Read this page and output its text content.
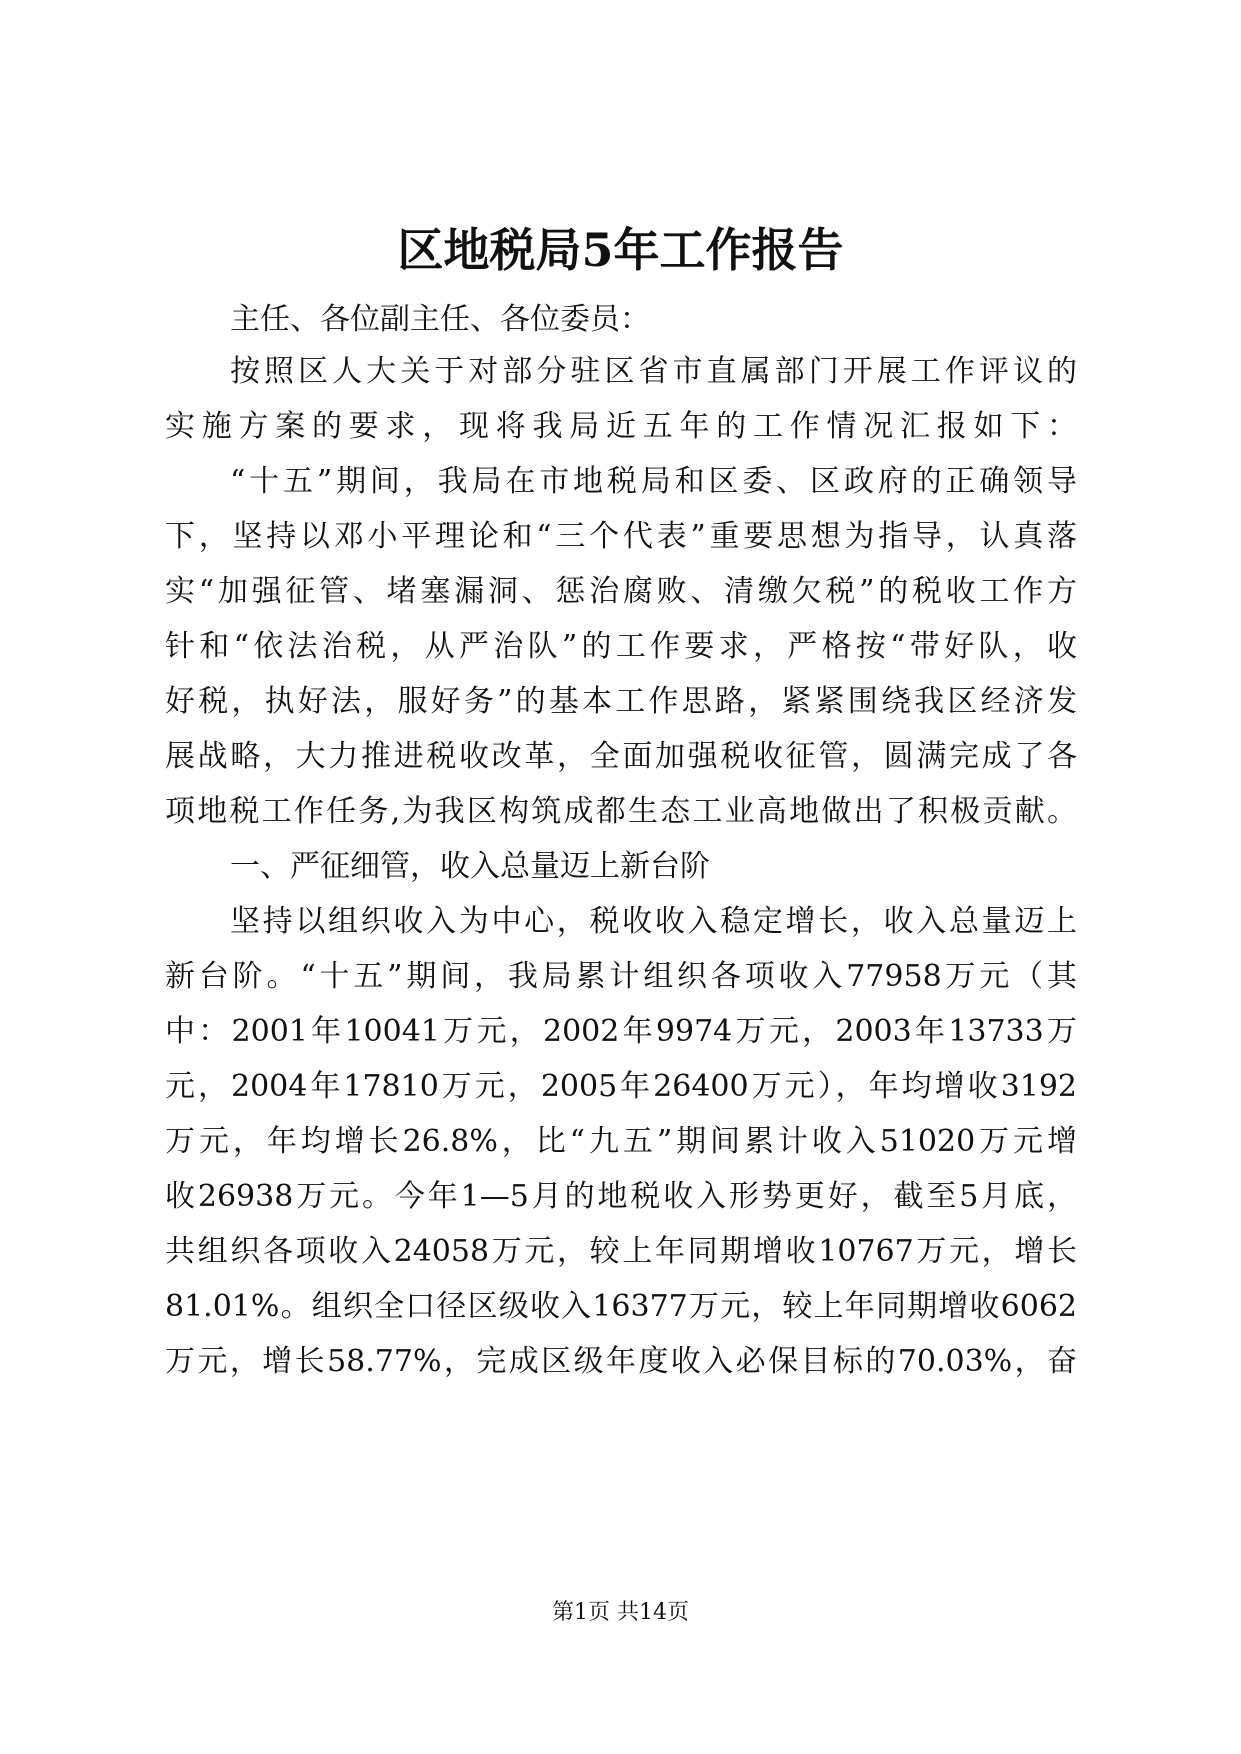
区地税局5年工作报告

主任、各位副主任、各位委员：

按照区人大关于对部分驻区省市直属部门开展工作评议的

实施方案的要求，现将我局近五年的工作情况汇报如下：

“十五”期间，我局在市地税局和区委、区政府的正确领导

下，坚持以邓小平理论和“三个代表”重要思想为指导，认真落

实“加强征管、堵塞漏洞、惩治腐败、清缴欠税”的税收工作方

针和“依法治税，从严治队”的工作要求，严格按“带好队，收

好税，执好法，服好务”的基本工作思路，紧紧围绕我区经济发

展战略，大力推进税收改革，全面加强税收征管，圆满完成了各

项地税工作任务,为我区构筑成都生态工业高地做出了积极贡献。

一、严征细管，收入总量迈上新台阶

坚持以组织收入为中心，税收收入稳定增长，收入总量迈上

新台阶。“十五”期间，我局累计组织各项收入77958万元（其

中：2001年10041万元，2002年9974万元，2003年13733万

元，2004年17810万元，2005年26400万元），年均增收3192

万元，年均增长26.8%，比“九五”期间累计收入51020万元增

收26938万元。今年1—5月的地税收入形势更好，截至5月底，

共组织各项收入24058万元，较上年同期增收10767万元，增长

81.01%。组织全口径区级收入16377万元，较上年同期增收6062

万元，增长58.77%，完成区级年度收入必保目标的70.03%，奋

第1页 共14页
